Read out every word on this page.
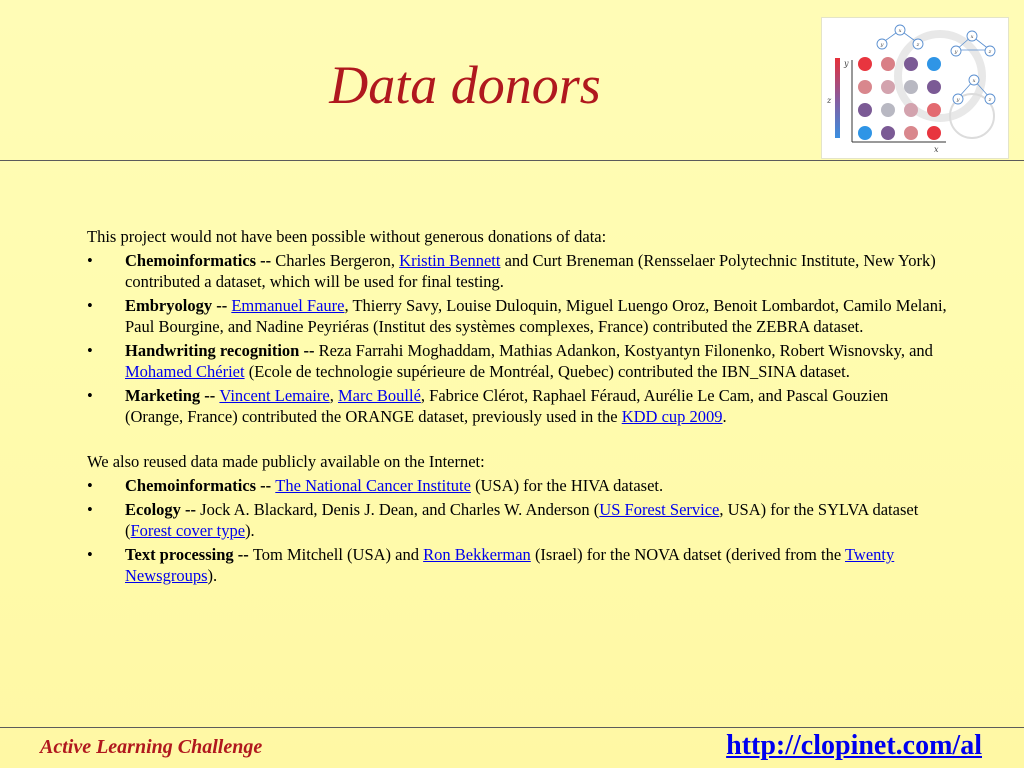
Data donors	z
y
x
x
y	z
x
y	z
x
y	z

This project would not have been possible without generous donations of data:

• Chemoinformatics -- Charles Bergeron, Kristin Bennett and Curt Breneman (Rensselaer Polytechnic Institute, New York) contributed a dataset, which will be used for final testing.
• Embryology -- Emmanuel Faure, Thierry Savy, Louise Duloquin, Miguel Luengo Oroz, Benoit Lombardot, Camilo Melani, Paul Bourgine, and Nadine Peyriéras (Institut des systèmes complexes, France) contributed the ZEBRA dataset.
• Handwriting recognition -- Reza Farrahi Moghaddam, Mathias Adankon, Kostyantyn Filonenko, Robert Wisnovsky, and Mohamed Chériet (Ecole de technologie supérieure de Montréal, Quebec) contributed the IBN_SINA dataset.
• Marketing -- Vincent Lemaire, Marc Boullé, Fabrice Clérot, Raphael Féraud, Aurélie Le Cam, and Pascal Gouzien (Orange, France) contributed the ORANGE dataset, previously used in the KDD cup 2009.

We also reused data made publicly available on the Internet:

• Chemoinformatics -- The National Cancer Institute (USA) for the HIVA dataset.
• Ecology -- Jock A. Blackard, Denis J. Dean, and Charles W. Anderson (US Forest Service, USA) for the SYLVA dataset (Forest cover type).
• Text processing -- Tom Mitchell (USA) and Ron Bekkerman (Israel) for the NOVA datset (derived from the Twenty Newsgroups).
Active Learning Challenge	http://clopinet.com/al
